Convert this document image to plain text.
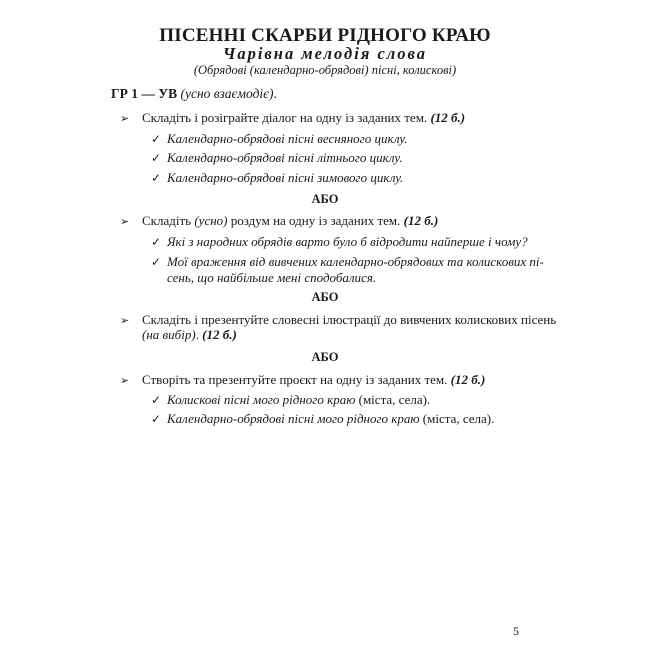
ПІСЕННІ СКАРБИ РІДНОГО КРАЮ
Чарівна мелодія слова
(Обрядові (календарно-обрядові) пісні, колискові)
ГР 1 — УВ (усно взаємодіє).
➢ Складіть і розіграйте діалог на одну із заданих тем. (12 б.)
✓ Календарно-обрядові пісні весняного циклу.
✓ Календарно-обрядові пісні літнього циклу.
✓ Календарно-обрядові пісні зимового циклу.
АБО
➢ Складіть (усно) роздум на одну із заданих тем. (12 б.)
✓ Які з народних обрядів варто було б відродити найперше і чому?
✓ Мої враження від вивчених календарно-обрядових та колискових пі-
сень, що найбільше мені сподобалися.
АБО
➢ Складіть і презентуйте словесні ілюстрації до вивчених колискових пісень
(на вибір). (12 б.)
АБО
➢ Створіть та презентуйте проєкт на одну із заданих тем. (12 б.)
✓ Колискові пісні мого рідного краю (міста, села).
✓ Календарно-обрядові пісні мого рідного краю (міста, села).
5
